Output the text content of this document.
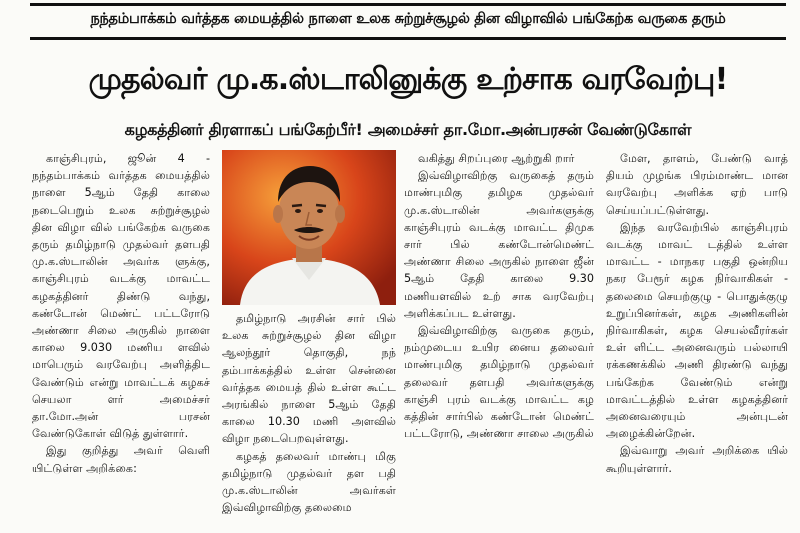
நந்தம்பாக்கம் வர்த்தக மையத்தில் நாளை உலக சுற்றுச்சூழல் தின விழாவில் பங்கேற்க வருகை தரும்
முதல்வர் மு.க.ஸ்டாலினுக்கு உற்சாக வரவேற்பு!
கழகத்தினர் திரளாகப் பங்கேற்பீர்! அமைச்சர் தா.மோ.அன்பரசன் வேண்டுகோள்

காஞ்சிபுரம், ஜூன் 4 - நந்தம்பாக்கம் வர்த்தக மையத்தில் நாளை 5ஆம் தேதி காலை நடைபெறும் உலக சுற்றுச்சூழல் தின விழா வில் பங்கேற்க வருகை தரும் தமிழ்நாடு முதல்வர் தளபதி மு.க.ஸ்டாலின் அவர்க ளுக்கு, காஞ்சிபுரம் வடக்கு மாவட்ட கழகத்தினர் திண்டு வந்து, கண்டோன் மெண்ட் பட்டரோடு அண்ணா சிலை அருகில் நாளை காலை 9.030 மணிய ளவில் மாபெரும் வரவேற்பு அளித்திட வேண்டும் என்று மாவட்டக் கழகச் செயலா ளர் அமைச்சர் தா.மோ.அன் பரசன் வேண்டுகோள் விடுத் துள்ளார்.

இது குறித்து அவர் வெளி யிட்டுள்ள அறிக்கை:

தமிழ்நாடு அரசின் சார் பில் உலக சுற்றுச்சூழல் தின விழா ஆலந்தூர் தொகுதி, நந் தம்பாக்கத்தில் உள்ள சென்னை வர்த்தக மையத் தில் உள்ள கூட்ட அரங்கில் நாளை 5ஆம் தேதி காலை 10.30 மணி அளவில் விழா நடைபெறவுள்ளது.

கழகத் தலைவர் மாண்பு மிகு தமிழ்நாடு முதல்வர் தள பதி மு.க.ஸ்டாலின் அவர்கள் இவ்விழாவிற்கு தலைமை

வகித்து சிறப்புரை ஆற்றுகி றார்

இவ்விழாவிற்கு வருகைத் தரும் மாண்புமிகு தமிழக முதல்வர் மு.க.ஸ்டாலின் அவர்களுக்கு காஞ்சிபுரம் வடக்கு மாவட்ட திமுக சார் பில் கண்டோன்மெண்ட் அண்ணா சிலை அருகில் நாளை ஜீன் 5ஆம் தேதி காலை 9.30 மணியளவில் உற் சாக வரவேற்பு அளிக்கப்பட உள்ளது.

இவ்விழாவிற்கு வருகை தரும், நம்முடைய உயிர னைய தலைவர் மாண்புமிகு தமிழ்நாடு முதல்வர் தலைவர் தளபதி அவர்களுக்கு காஞ்சி புரம் வடக்கு மாவட்ட கழ கத்தின் சார்பில் கண்டோன் மெண்ட் பட்டரோடு, அண்ணா சாலை அருகில்

மேள, தாளம், பேண்டு வாத் தியம் முழங்க பிரம்மாண்ட மான வரவேற்பு அளிக்க ஏற் பாடு செய்யப்பட்டுள்ளது.

இந்த வரவேற்பில் காஞ்சிபுரம் வடக்கு மாவட் டத்தில் உள்ள மாவட்ட - மாநகர பகுதி ஒன்றிய நகர பேரூர் கழக நிர்வாகிகள் - தலைமை செயற்குழு - பொதுக்குழு உறுப்பினர்கள், கழக அணிகளின் நிர்வாகிகள், கழக செயல்வீரர்கள் உள் ளிட்ட அனைவரும் பல்லாயி ரக்கணக்கில் அணி திரண்டு வந்து பங்கேற்க வேண்டும் என்று மாவட்டத்தில் உள்ள கழகத்தினர் அனைவரையும் அன்புடன் அழைக்கின்றேன்.

இவ்வாறு அவர் அறிக்கை யில் கூறியுள்ளார்.
